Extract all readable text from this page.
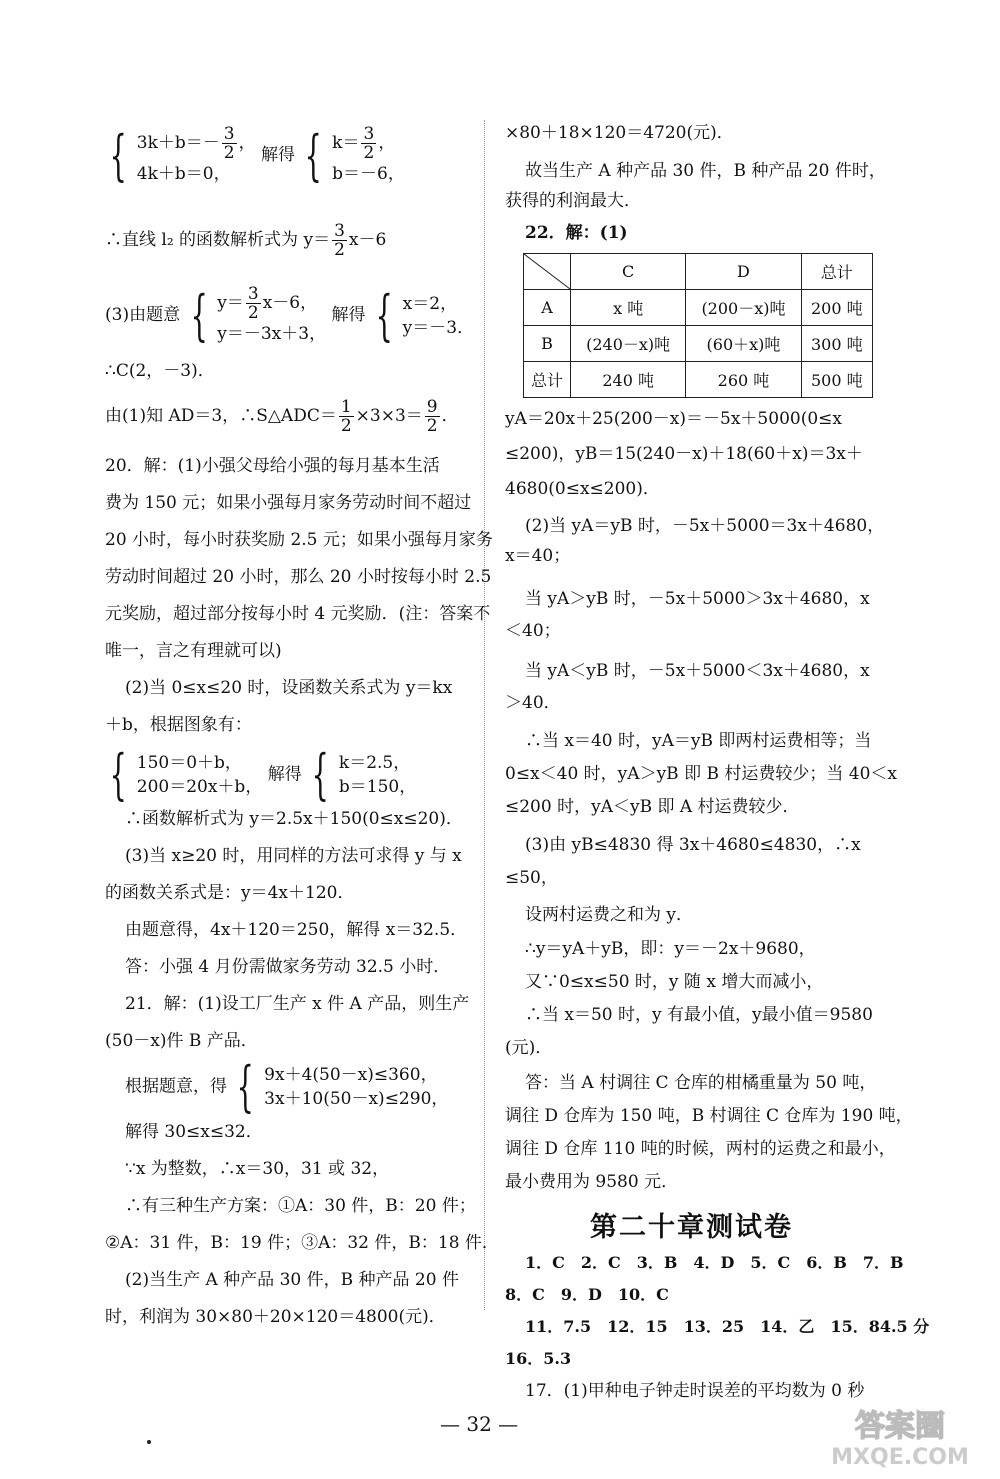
{ $3k+b=- \frac{3}{2}$ ，
4k＋b＝0，
解得 { $k= \frac{3}{2}$ ，
b＝－6，
∴直线 l₂ 的函数解析式为 $y= \frac{3}{2} x-6$
(3)由题意 { $y= \frac{3}{2} x-6$，
y＝－3x＋3，
解得 { x＝2，
y＝－3．
∴C(2，－3)．
由(1)知 AD＝3，∴S△ADC＝ $\frac{1}{2} \times 3\times 3= \frac{9}{2}$ ．
20．解：(1)小强父母给小强的每月基本生活
费为 150 元；如果小强每月家务劳动时间不超过
20 小时，每小时获奖励 2.5 元；如果小强每月家务
劳动时间超过 20 小时，那么 20 小时按每小时 2.5
元奖励，超过部分按每小时 4 元奖励．(注：答案不
唯一，言之有理就可以)
(2)当 0≤x≤20 时，设函数关系式为 y＝kx
＋b，根据图象有：
{ 150＝0＋b，
200＝20x＋b，
解得 { k＝2.5，
b＝150，
∴函数解析式为 y＝2.5x＋150(0≤x≤20)．
(3)当 x≥20 时，用同样的方法可求得 y 与 x
的函数关系式是：y＝4x＋120．
由题意得，4x＋120＝250，解得 x＝32.5．
答：小强 4 月份需做家务劳动 32.5 小时．
21．解：(1)设工厂生产 x 件 A 产品，则生产
(50－x)件 B 产品．
根据题意，得 { 9x＋4(50－x)≤360，
3x＋10(50－x)≤290，
解得 30≤x≤32．
∵x 为整数，∴x＝30，31 或 32，
∴有三种生产方案：①A：30 件，B：20 件；
②A：31 件，B：19 件；③A：32 件，B：18 件．
(2)当生产 A 种产品 30 件，B 种产品 20 件
时，利润为 30×80＋20×120＝4800(元)．
×80＋18×120＝4720(元)．
故当生产 A 种产品 30 件，B 种产品 20 件时，
获得的利润最大．
22．解：(1)
	C	D	总计
A	x 吨	(200－x)吨	200 吨
B	(240－x)吨	(60＋x)吨	300 吨
总计	240 吨	260 吨	500 吨
yA＝20x＋25(200－x)＝－5x＋5000(0≤x
≤200)，yB＝15(240－x)＋18(60＋x)＝3x＋
4680(0≤x≤200)．
(2)当 yA＝yB 时，－5x＋5000＝3x＋4680，
x＝40；
当 yA＞yB 时，－5x＋5000＞3x＋4680，x
＜40；
当 yA＜yB 时，－5x＋5000＜3x＋4680，x
＞40．
∴当 x＝40 时，yA＝yB 即两村运费相等；当
0≤x＜40 时，yA＞yB 即 B 村运费较少；当 40＜x
≤200 时，yA＜yB 即 A 村运费较少．
(3)由 yB≤4830 得 3x＋4680≤4830，∴x
≤50，
设两村运费之和为 y．
∴y＝yA＋yB，即：y＝－2x＋9680，
又∵0≤x≤50 时，y 随 x 增大而减小，
∴当 x＝50 时，y 有最小值，y最小值＝9580
(元)．
答：当 A 村调往 C 仓库的柑橘重量为 50 吨，
调往 D 仓库为 150 吨，B 村调往 C 仓库为 190 吨，
调往 D 仓库 110 吨的时候，两村的运费之和最小，
最小费用为 9580 元．
第二十章测试卷
1．C　2．C　3．B　4．D　5．C　6．B　7．B
8．C　9．D　10．C
11．7.5　12．15　13．25　14．乙　15．84.5 分
16．5.3
17．(1)甲种电子钟走时误差的平均数为 0 秒
— 32 —	答案圈
MXQE.COM
